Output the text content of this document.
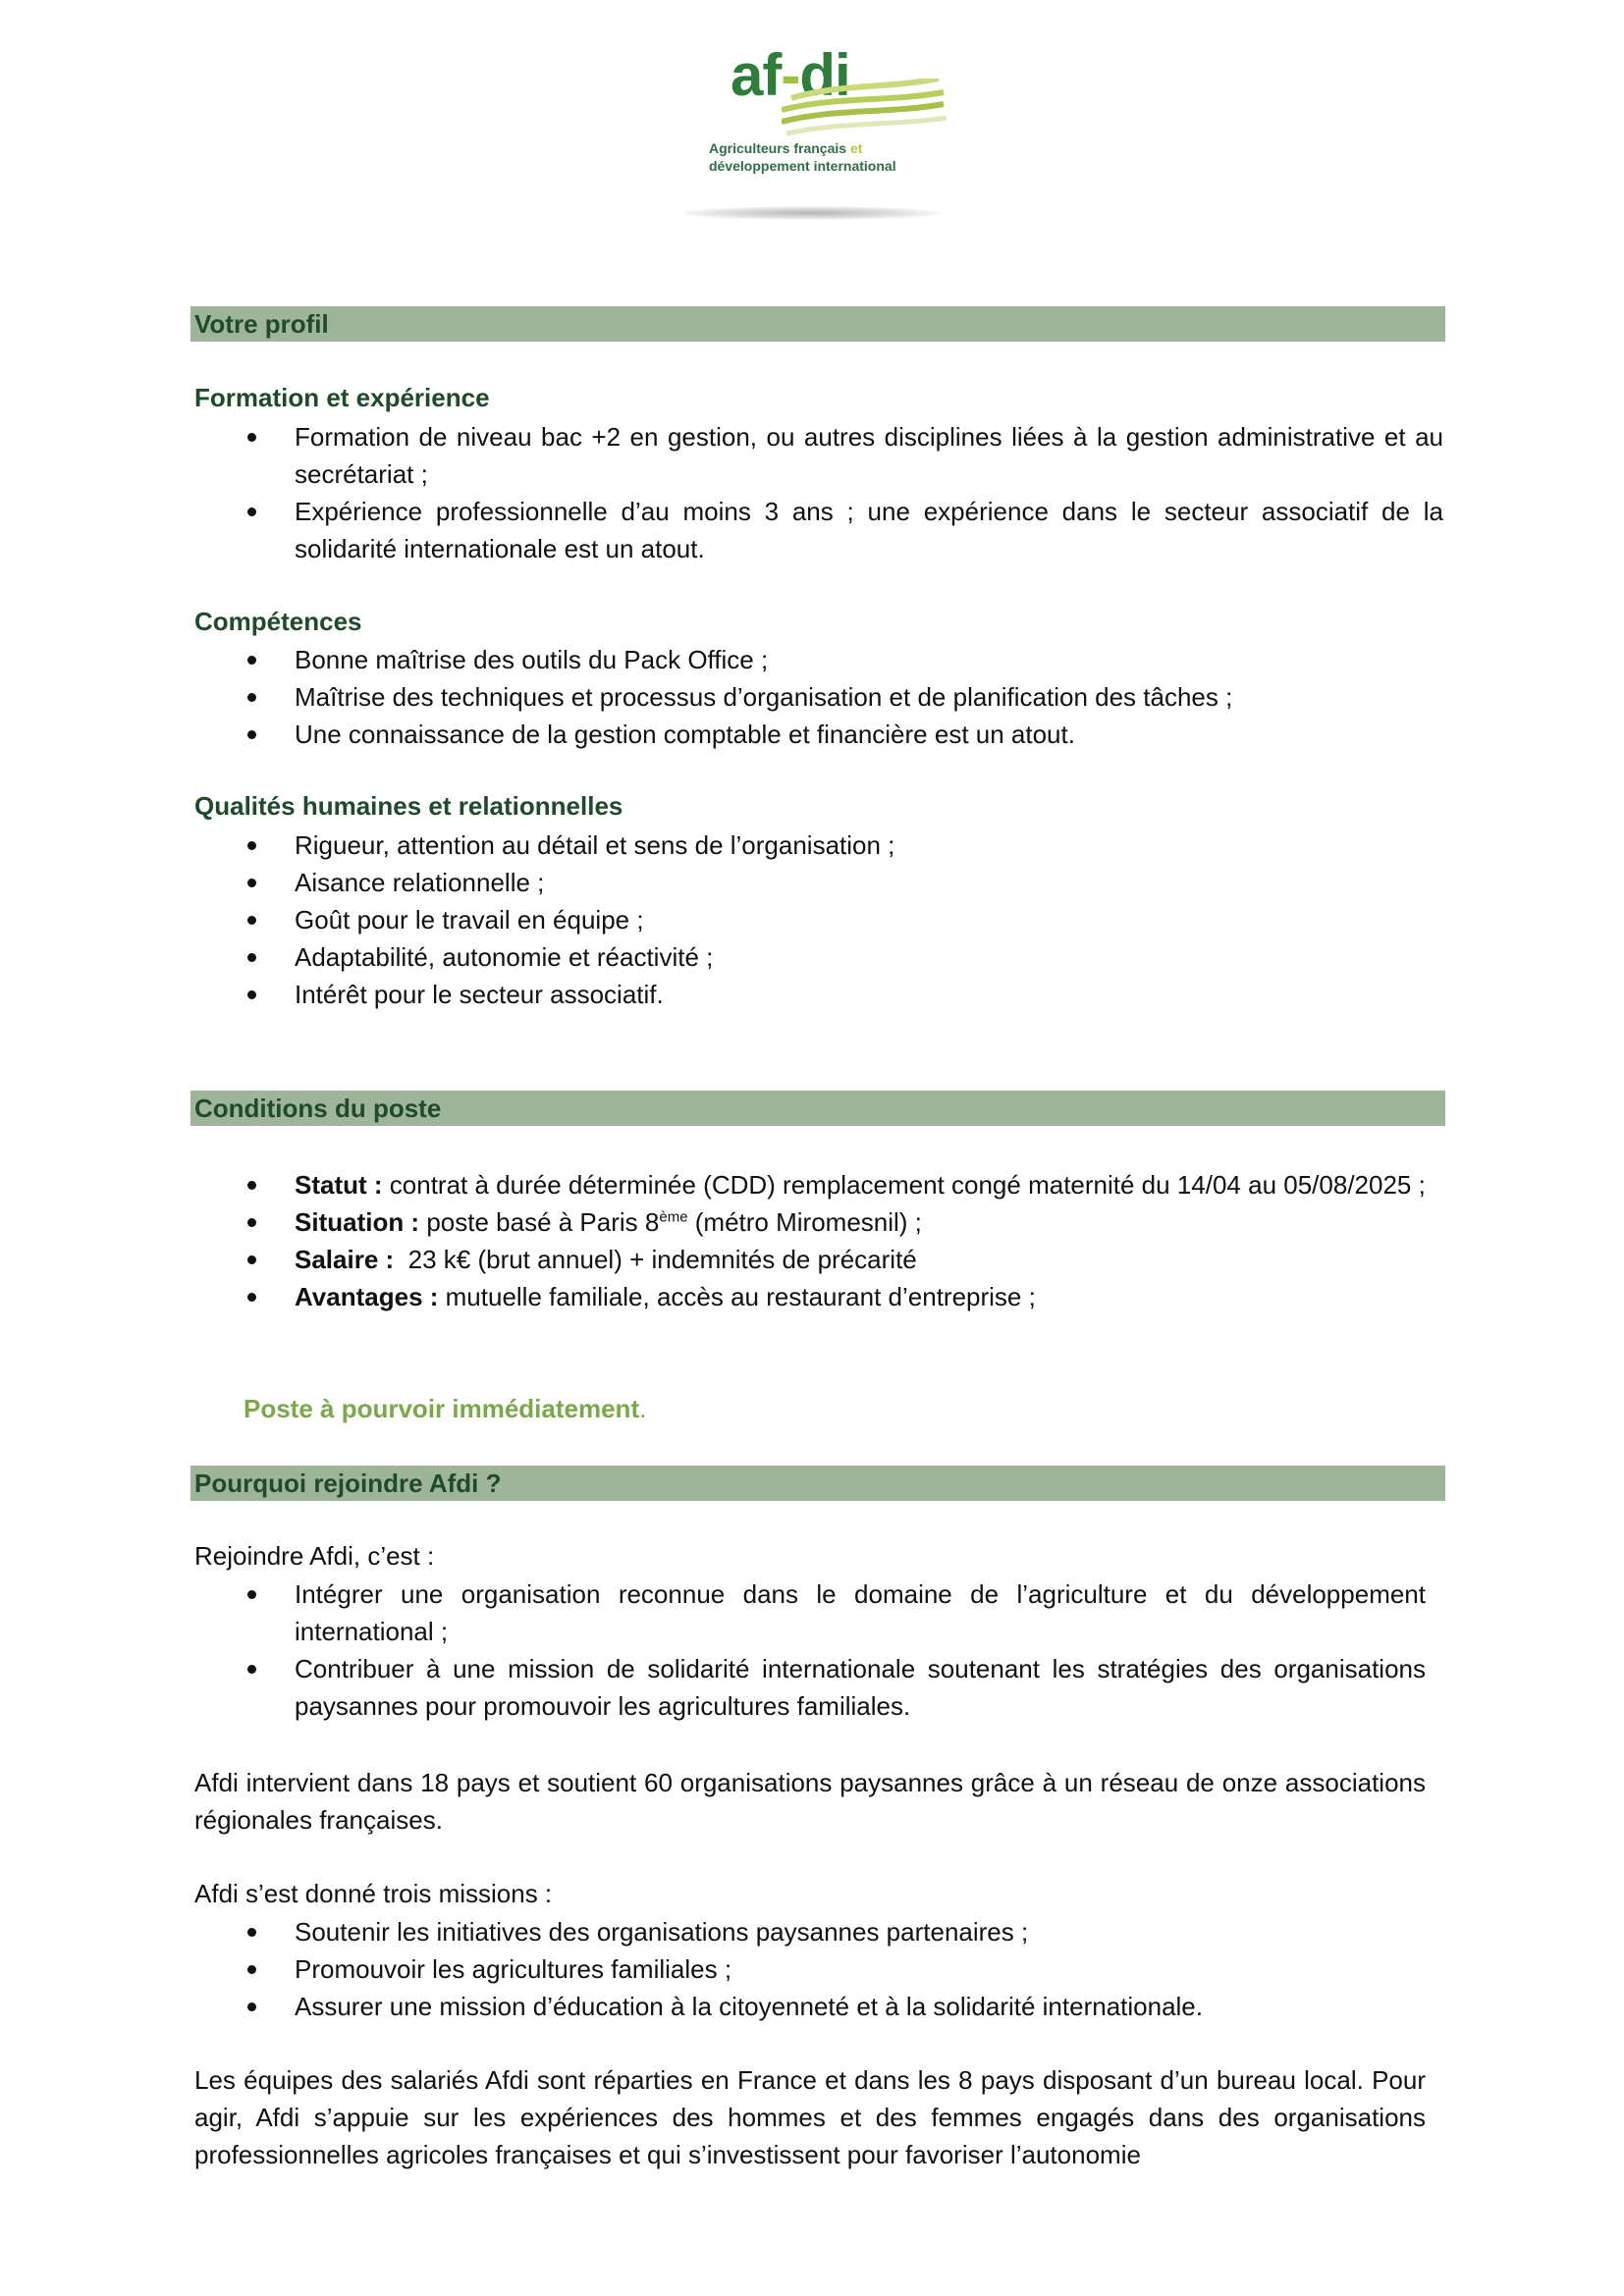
af-di
Agriculteurs français et
développement international
Votre profil
Formation et expérience
Formation de niveau bac +2 en gestion, ou autres disciplines liées à la gestion administrative et au secrétariat ;
Expérience professionnelle d’au moins 3 ans ; une expérience dans le secteur associatif de la solidarité internationale est un atout.
Compétences
Bonne maîtrise des outils du Pack Office ;
Maîtrise des techniques et processus d’organisation et de planification des tâches ;
Une connaissance de la gestion comptable et financière est un atout.
Qualités humaines et relationnelles
Rigueur, attention au détail et sens de l’organisation ;
Aisance relationnelle ;
Goût pour le travail en équipe ;
Adaptabilité, autonomie et réactivité ;
Intérêt pour le secteur associatif.
Conditions du poste
Statut : contrat à durée déterminée (CDD) remplacement congé maternité du 14/04 au 05/08/2025 ;
Situation : poste basé à Paris 8ème (métro Miromesnil) ;
Salaire :  23 k€ (brut annuel) + indemnités de précarité
Avantages : mutuelle familiale, accès au restaurant d’entreprise ;
Poste à pourvoir immédiatement.
Pourquoi rejoindre Afdi ?
Rejoindre Afdi, c’est :
Intégrer une organisation reconnue dans le domaine de l’agriculture et du développement international ;
Contribuer à une mission de solidarité internationale soutenant les stratégies des organisations paysannes pour promouvoir les agricultures familiales.
Afdi intervient dans 18 pays et soutient 60 organisations paysannes grâce à un réseau de onze associations régionales françaises.
Afdi s’est donné trois missions :
Soutenir les initiatives des organisations paysannes partenaires ;
Promouvoir les agricultures familiales ;
Assurer une mission d’éducation à la citoyenneté et à la solidarité internationale.
Les équipes des salariés Afdi sont réparties en France et dans les 8 pays disposant d’un bureau local. Pour agir, Afdi s’appuie sur les expériences des hommes et des femmes engagés dans des organisations professionnelles agricoles françaises et qui s’investissent pour favoriser l’autonomie
